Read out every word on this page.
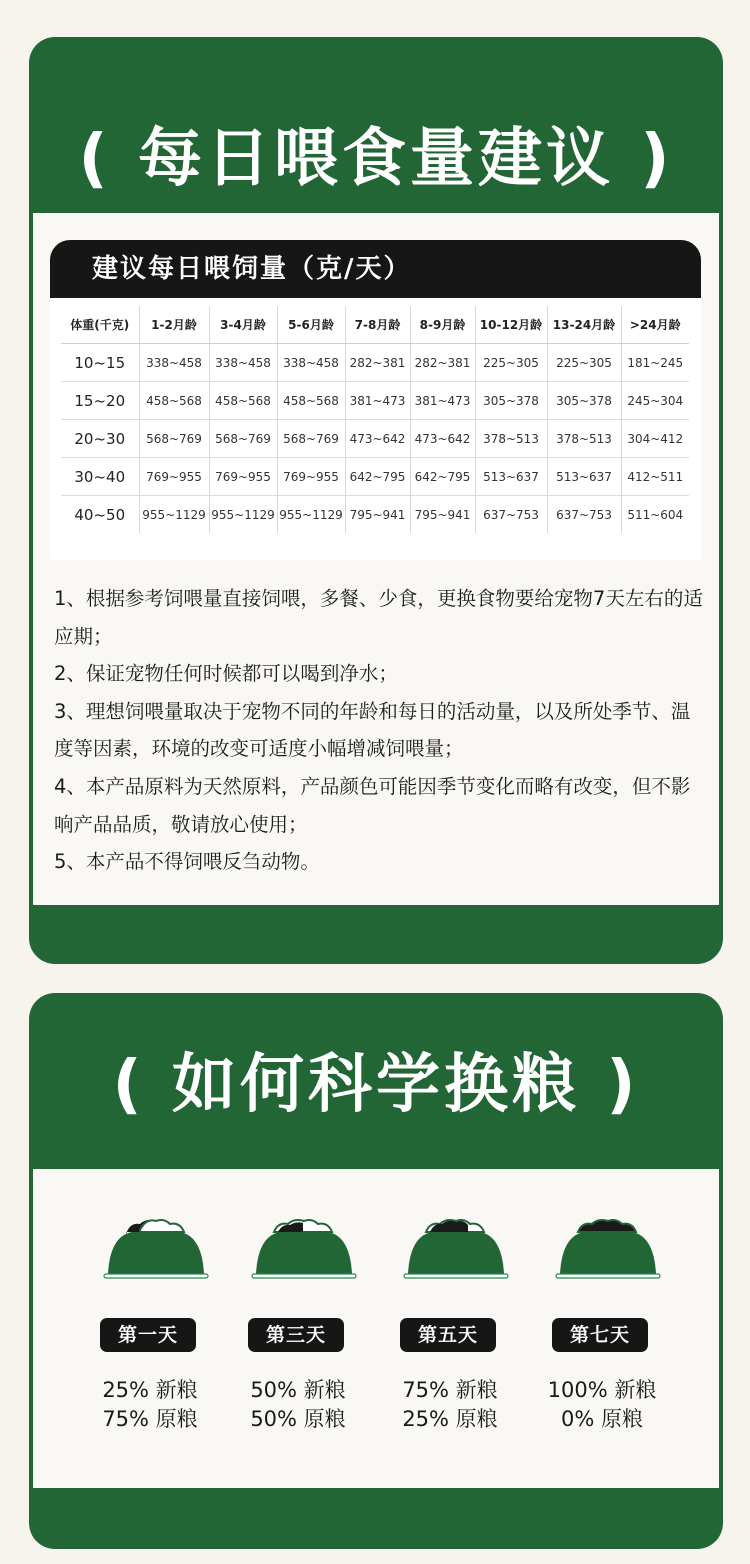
( 每日喂食量建议 )
建议每日喂饲量（克/天）
体重(千克)	1-2月龄	3-4月龄	5-6月龄	7-8月龄	8-9月龄	10-12月龄	13-24月龄	>24月龄
10~15	338~458	338~458	338~458	282~381	282~381	225~305	225~305	181~245
15~20	458~568	458~568	458~568	381~473	381~473	305~378	305~378	245~304
20~30	568~769	568~769	568~769	473~642	473~642	378~513	378~513	304~412
30~40	769~955	769~955	769~955	642~795	642~795	513~637	513~637	412~511
40~50	955~1129	955~1129	955~1129	795~941	795~941	637~753	637~753	511~604

1、根据参考饲喂量直接饲喂，多餐、少食，更换食物要给宠物7天左右的适应期；

2、保证宠物任何时候都可以喝到净水；

3、理想饲喂量取决于宠物不同的年龄和每日的活动量，以及所处季节、温度等因素，环境的改变可适度小幅增减饲喂量；

4、本产品原料为天然原料，产品颜色可能因季节变化而略有改变，但不影响产品品质，敬请放心使用；

5、本产品不得饲喂反刍动物。

( 如何科学换粮 )
第一天
25% 新粮
75% 原粮
第三天
50% 新粮
50% 原粮
第五天
75% 新粮
25% 原粮
第七天
100% 新粮
0% 原粮
